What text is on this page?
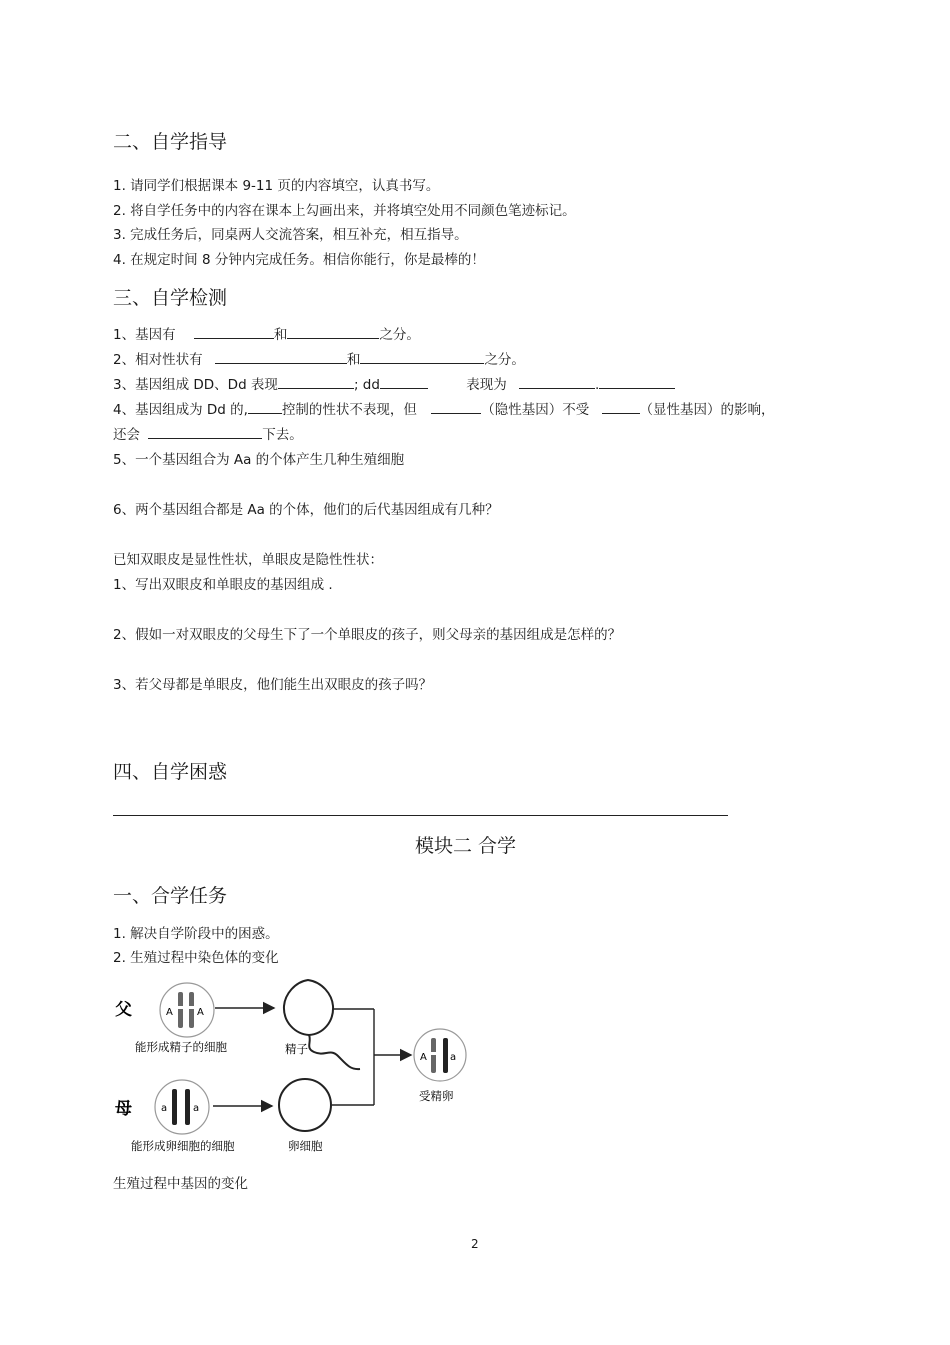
二、自学指导
1. 请同学们根据课本 9-11 页的内容填空，认真书写。
2. 将自学任务中的内容在课本上勾画出来，并将填空处用不同颜色笔迹标记。
3. 完成任务后，同桌两人交流答案，相互补充，相互指导。
4. 在规定时间 8 分钟内完成任务。相信你能行，你是最棒的！
三、自学检测
1、基因有	和	之分。
2、相对性状有	和	之分。
3、基因组成 DD、Dd 表现	; dd	表现为	.
4、基因组成为 Dd 的,	控制的性状不表现，但	（隐性基因）不受	（显性基因）的影响，
还会	下去。
5、一个基因组合为 Aa 的个体产生几种生殖细胞
6、两个基因组合都是 Aa 的个体，他们的后代基因组成有几种？
已知双眼皮是显性性状，单眼皮是隐性性状：
1、写出双眼皮和单眼皮的基因组成 .
2、假如一对双眼皮的父母生下了一个单眼皮的孩子，则父母亲的基因组成是怎样的？
3、若父母都是单眼皮，他们能生出双眼皮的孩子吗？
四、自学困惑
模块二 合学
一、合学任务
1. 解决自学阶段中的困惑。
2. 生殖过程中染色体的变化
父	A A
能形成精子的细胞	精子
母	a	a
能形成卵细胞的细胞	卵细胞
A a
受精卵
生殖过程中基因的变化
2
